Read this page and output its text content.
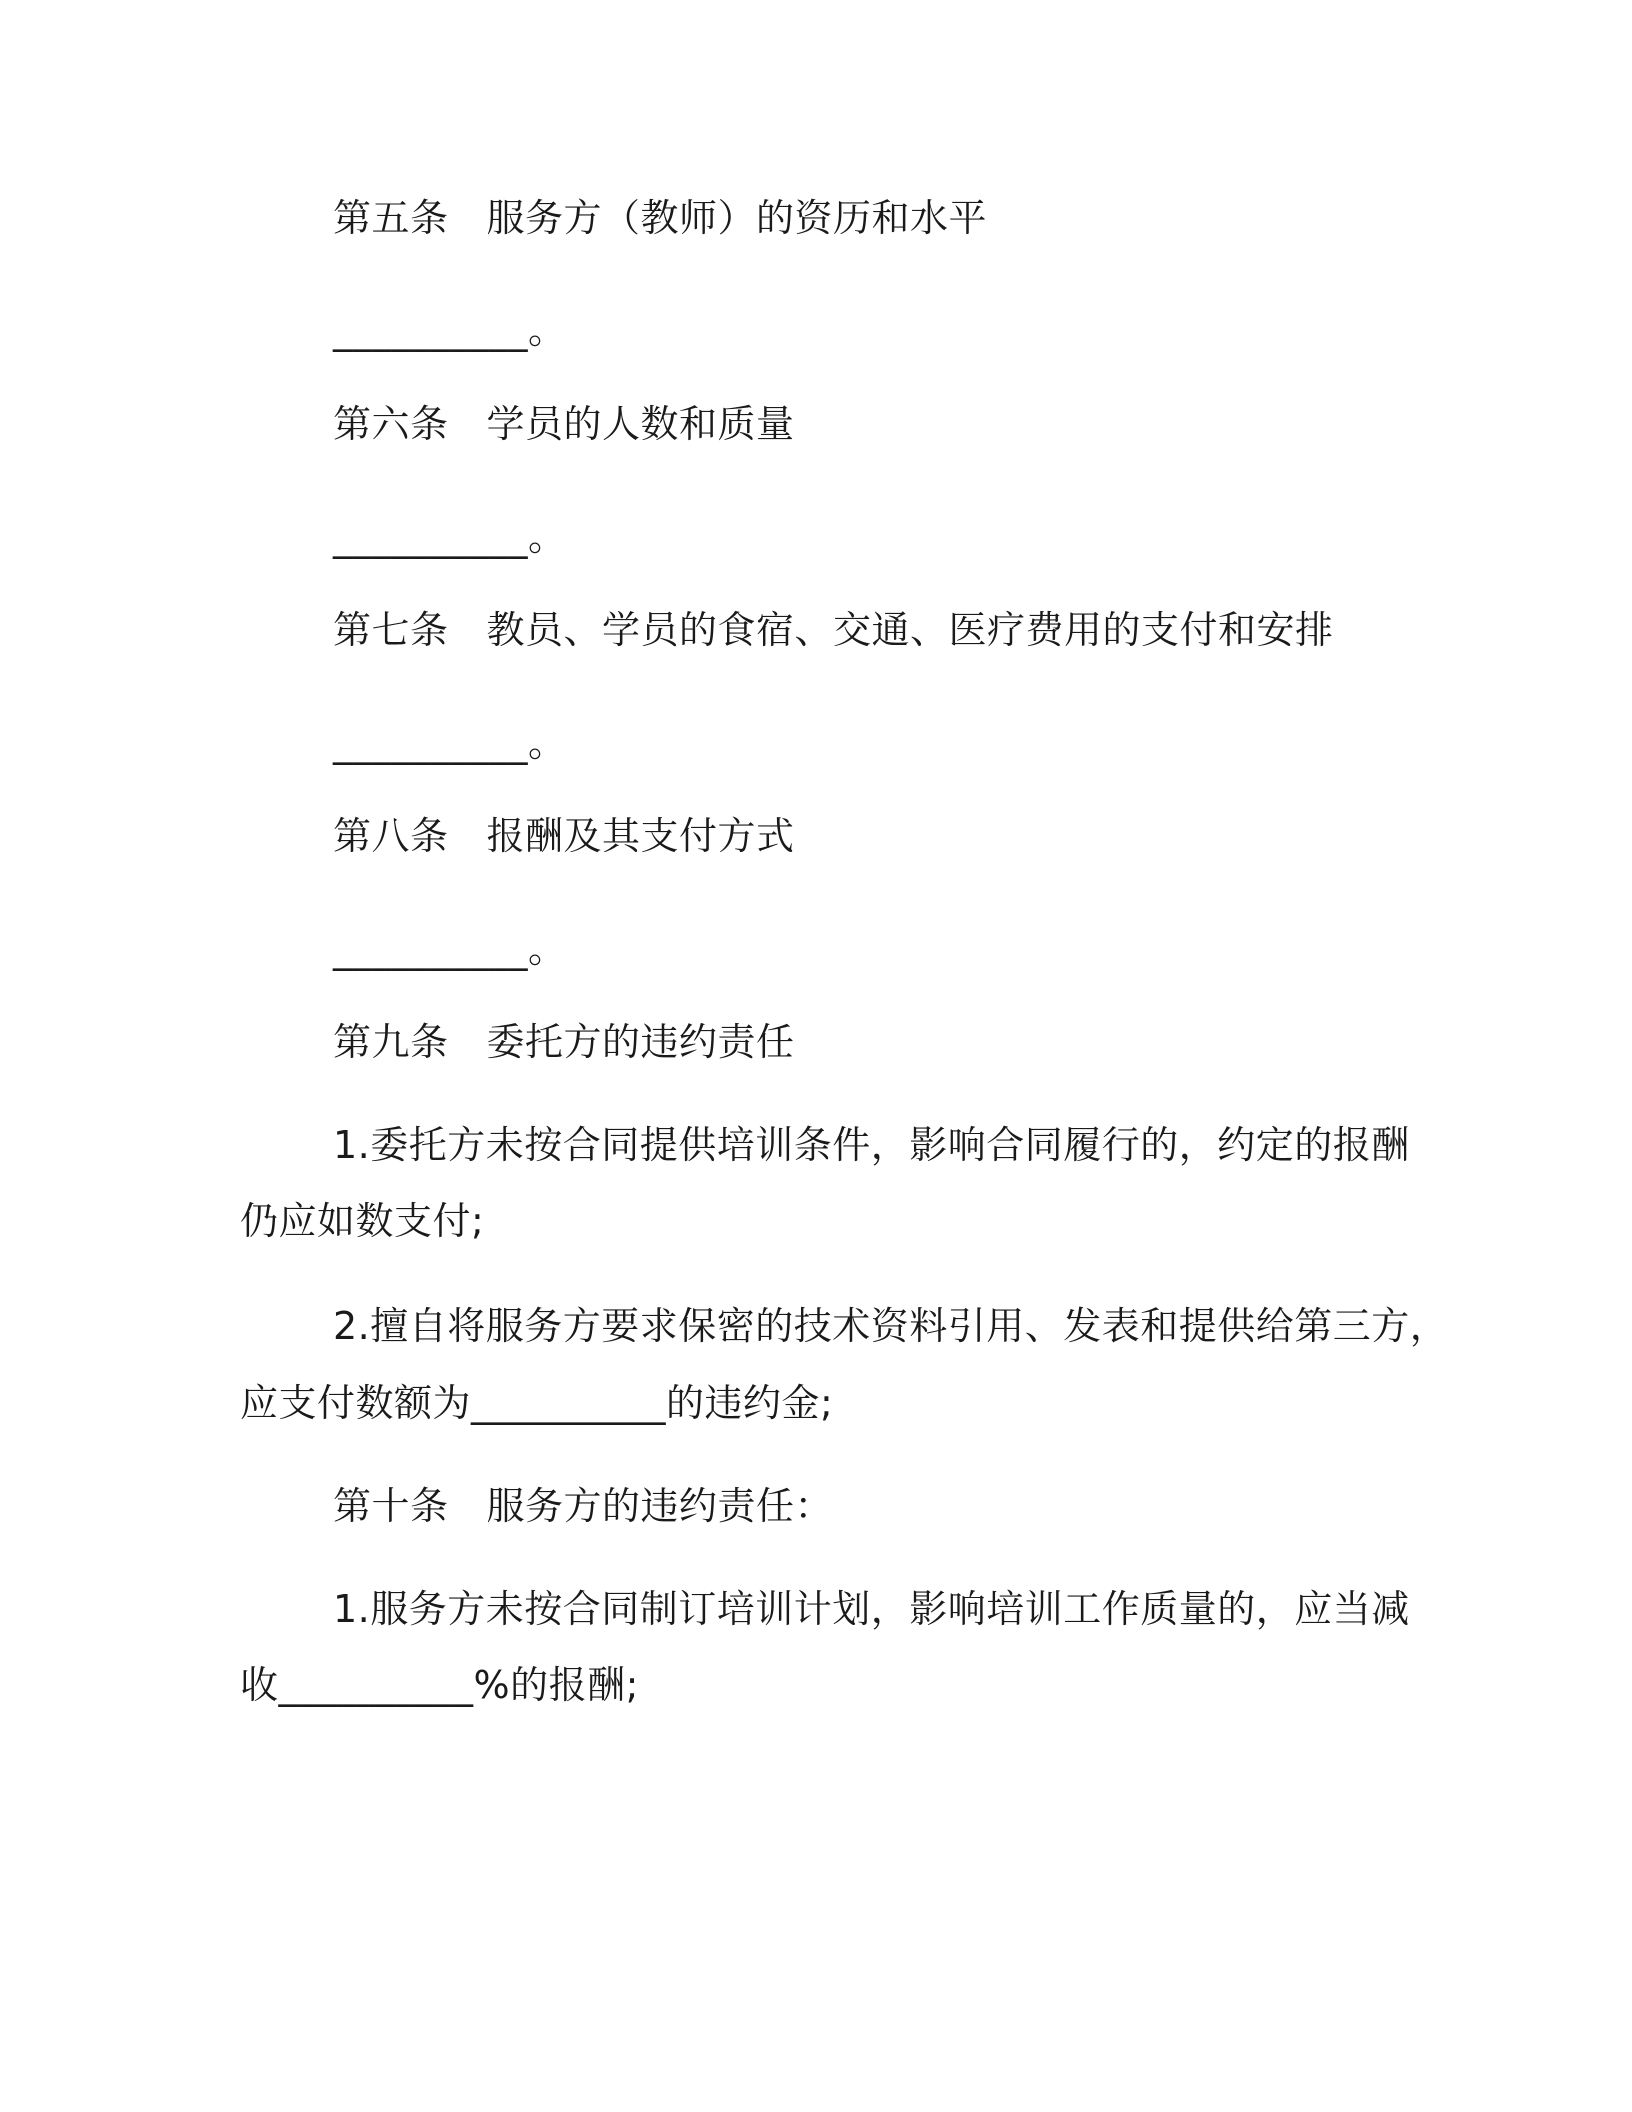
第五条 服务方（教师）的资历和水平
__________。
第六条 学员的人数和质量
__________。
第七条 教员、学员的食宿、交通、医疗费用的支付和安排
__________。
第八条 报酬及其支付方式
__________。
第九条 委托方的违约责任
1.委托方未按合同提供培训条件，影响合同履行的，约定的报酬
仍应如数支付;
2.擅自将服务方要求保密的技术资料引用、发表和提供给第三方，
应支付数额为__________的违约金;
第十条 服务方的违约责任：
1.服务方未按合同制订培训计划，影响培训工作质量的，应当减
收__________%的报酬;
